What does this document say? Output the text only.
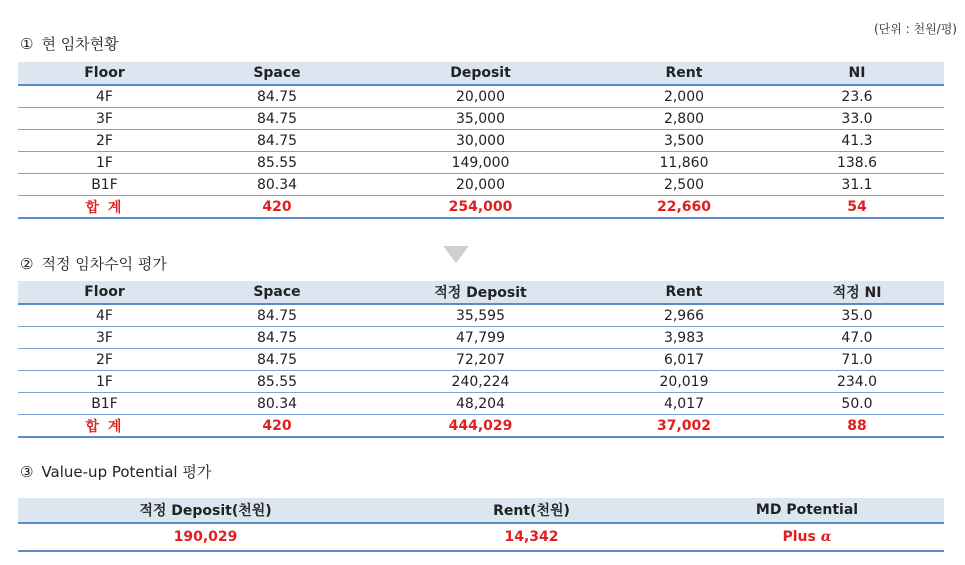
(단위 : 천원/평)
① 현 임차현황
Floor	Space	Deposit	Rent	NI
4F	84.75	20,000	2,000	23.6
3F	84.75	35,000	2,800	33.0
2F	84.75	30,000	3,500	41.3
1F	85.55	149,000	11,860	138.6
B1F	80.34	20,000	2,500	31.1
합 계	420	254,000	22,660	54
② 적정 임차수익 평가
Floor	Space	적정 Deposit	Rent	적정 NI
4F	84.75	35,595	2,966	35.0
3F	84.75	47,799	3,983	47.0
2F	84.75	72,207	6,017	71.0
1F	85.55	240,224	20,019	234.0
B1F	80.34	48,204	4,017	50.0
합 계	420	444,029	37,002	88
③ Value-up Potential 평가
적정 Deposit(천원)	Rent(천원)	MD Potential
190,029	14,342	Plus α
